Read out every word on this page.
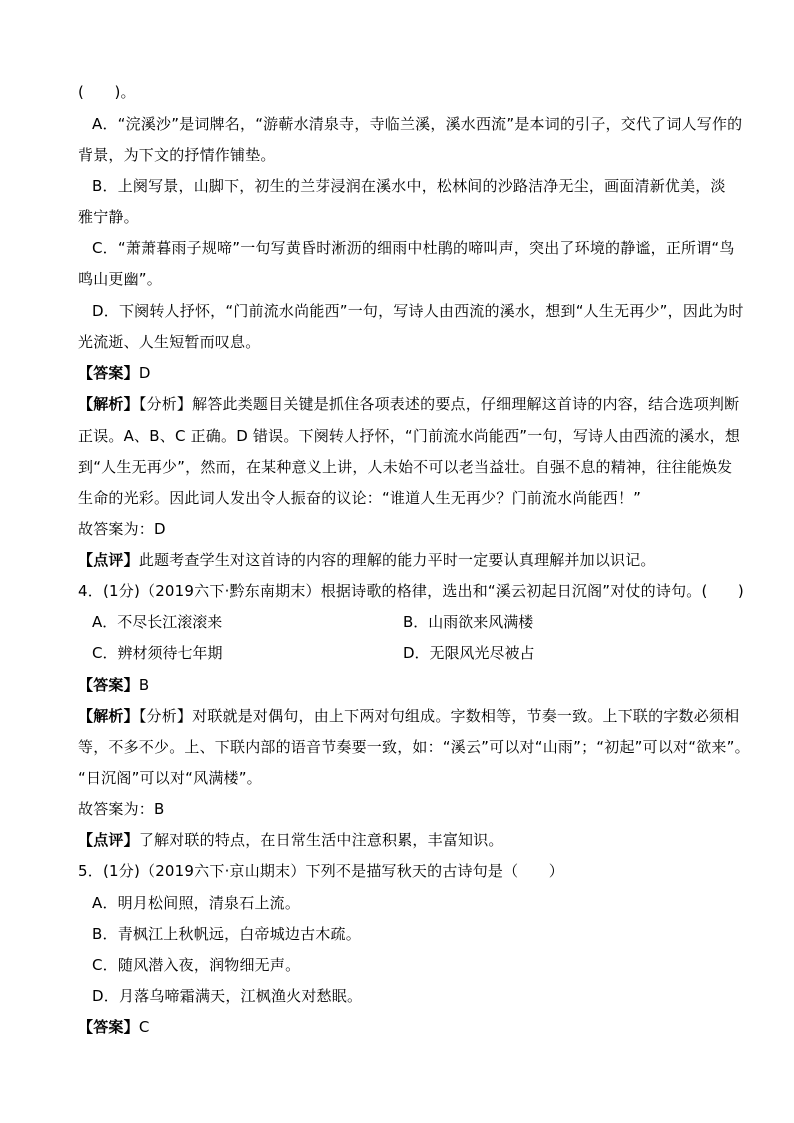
(　　)。
A．“浣溪沙”是词牌名，“游蕲水清泉寺，寺临兰溪，溪水西流”是本词的引子，交代了词人写作的
背景，为下文的抒情作铺垫。
B．上阕写景，山脚下，初生的兰芽浸润在溪水中，松林间的沙路洁净无尘，画面清新优美，淡
雅宁静。
C．“萧萧暮雨子规啼”一句写黄昏时淅沥的细雨中杜鹃的啼叫声，突出了环境的静谧，正所谓“鸟
鸣山更幽”。
D．下阕转人抒怀，“门前流水尚能西”一句，写诗人由西流的溪水，想到“人生无再少”，因此为时
光流逝、人生短暂而叹息。
【答案】D
【解析】【分析】解答此类题目关键是抓住各项表述的要点，仔细理解这首诗的内容，结合选项判断
正误。A、B、C 正确。D 错误。下阕转人抒怀，“门前流水尚能西”一句，写诗人由西流的溪水，想
到“人生无再少”，然而，在某种意义上讲，人未始不可以老当益壮。自强不息的精神，往往能焕发
生命的光彩。因此词人发出令人振奋的议论：“谁道人生无再少？门前流水尚能西！”
故答案为：D
【点评】此题考查学生对这首诗的内容的理解的能力平时一定要认真理解并加以识记。
4．(1分)（2019六下·黔东南期末）根据诗歌的格律，选出和“溪云初起日沉阁”对仗的诗句。(　　)
A．不尽长江滚滚来	B．山雨欲来风满楼
C．辨材须待七年期	D．无限风光尽被占
【答案】B
【解析】【分析】对联就是对偶句，由上下两对句组成。字数相等，节奏一致。上下联的字数必须相
等，不多不少。上、下联内部的语音节奏要一致，如：“溪云”可以对“山雨”；“初起”可以对“欲来”。
“日沉阁”可以对“风满楼”。
故答案为：B
【点评】了解对联的特点，在日常生活中注意积累，丰富知识。
5．(1分)（2019六下·京山期末）下列不是描写秋天的古诗句是（　　）
A．明月松间照，清泉石上流。
B．青枫江上秋帆远，白帝城边古木疏。
C．随风潜入夜，润物细无声。
D．月落乌啼霜满天，江枫渔火对愁眠。
【答案】C
